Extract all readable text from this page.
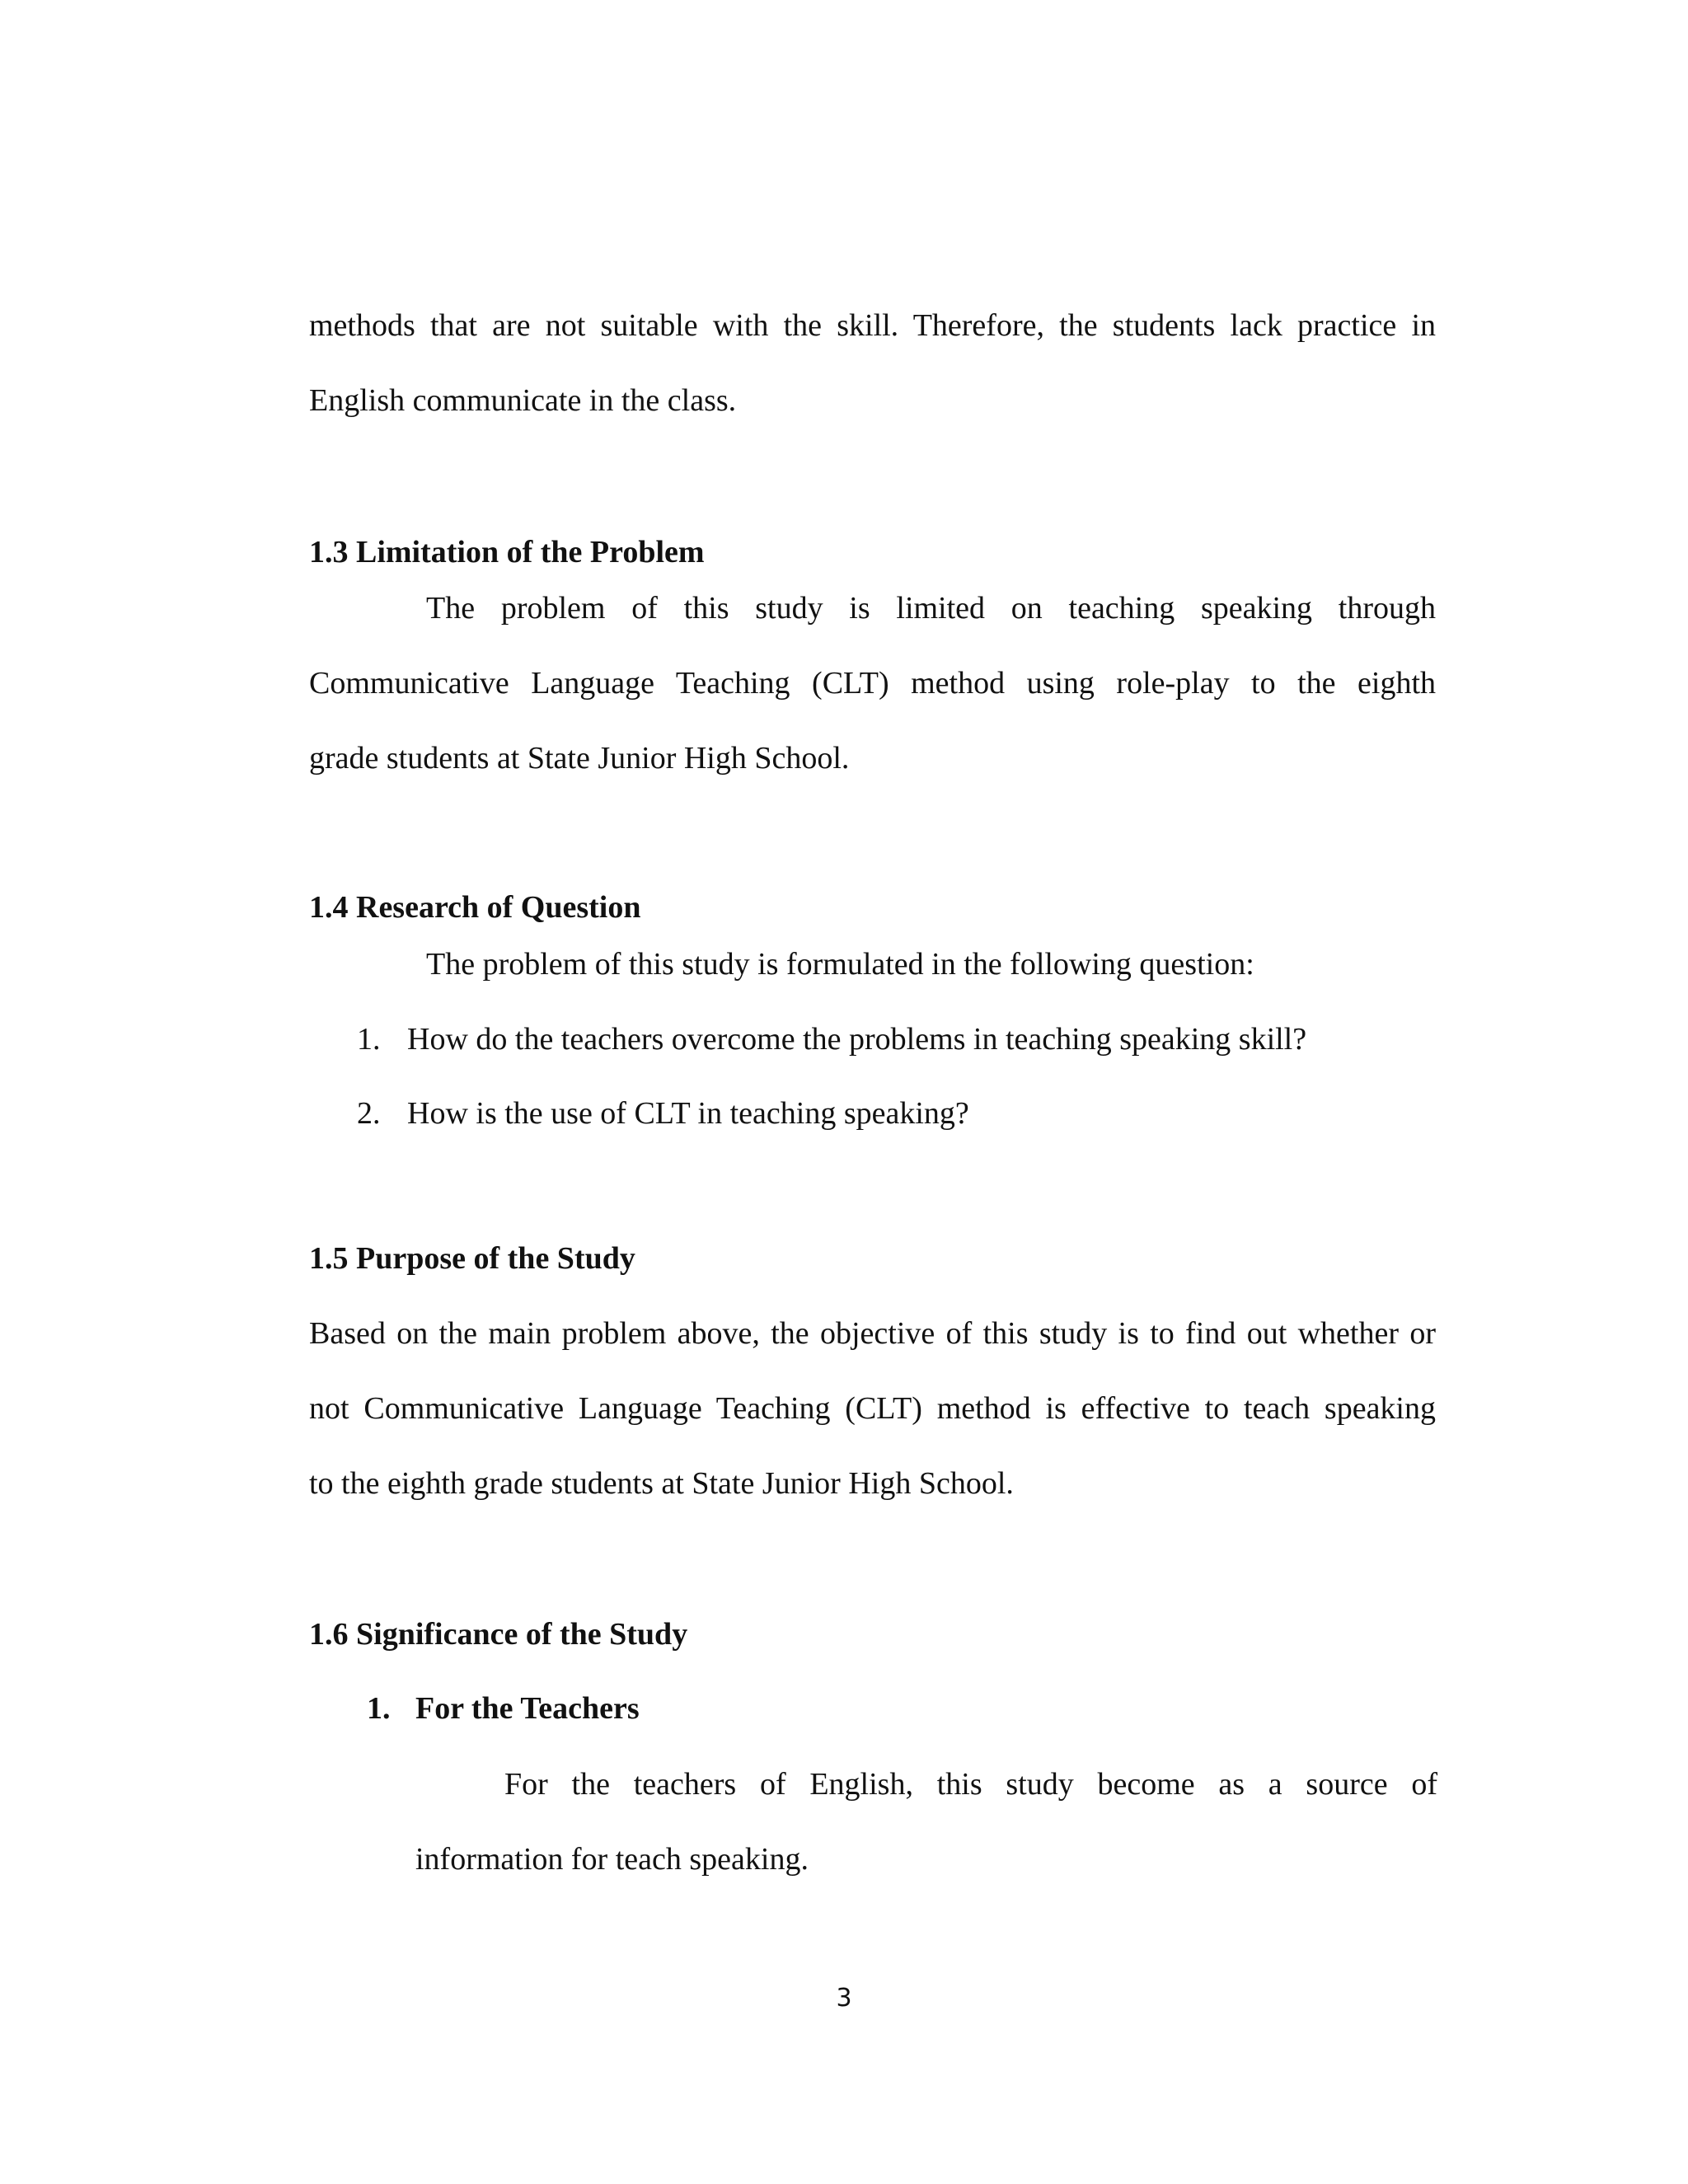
methods that are not suitable with the skill. Therefore, the students lack practice in
English communicate in the class.
1.3 Limitation of the Problem
The problem of this study is limited on teaching speaking through
Communicative Language Teaching (CLT) method using role-play to the eighth
grade students at State Junior High School.
1.4 Research of Question
The problem of this study is formulated in the following question:
1. How do the teachers overcome the problems in teaching speaking skill?
2. How is the use of CLT in teaching speaking?
1.5 Purpose of the Study
Based on the main problem above, the objective of this study is to find out whether or
not Communicative Language Teaching (CLT) method is effective to teach speaking
to the eighth grade students at State Junior High School.
1.6 Significance of the Study
1. For the Teachers
For the teachers of English, this study become as a source of
information for teach speaking.
3
